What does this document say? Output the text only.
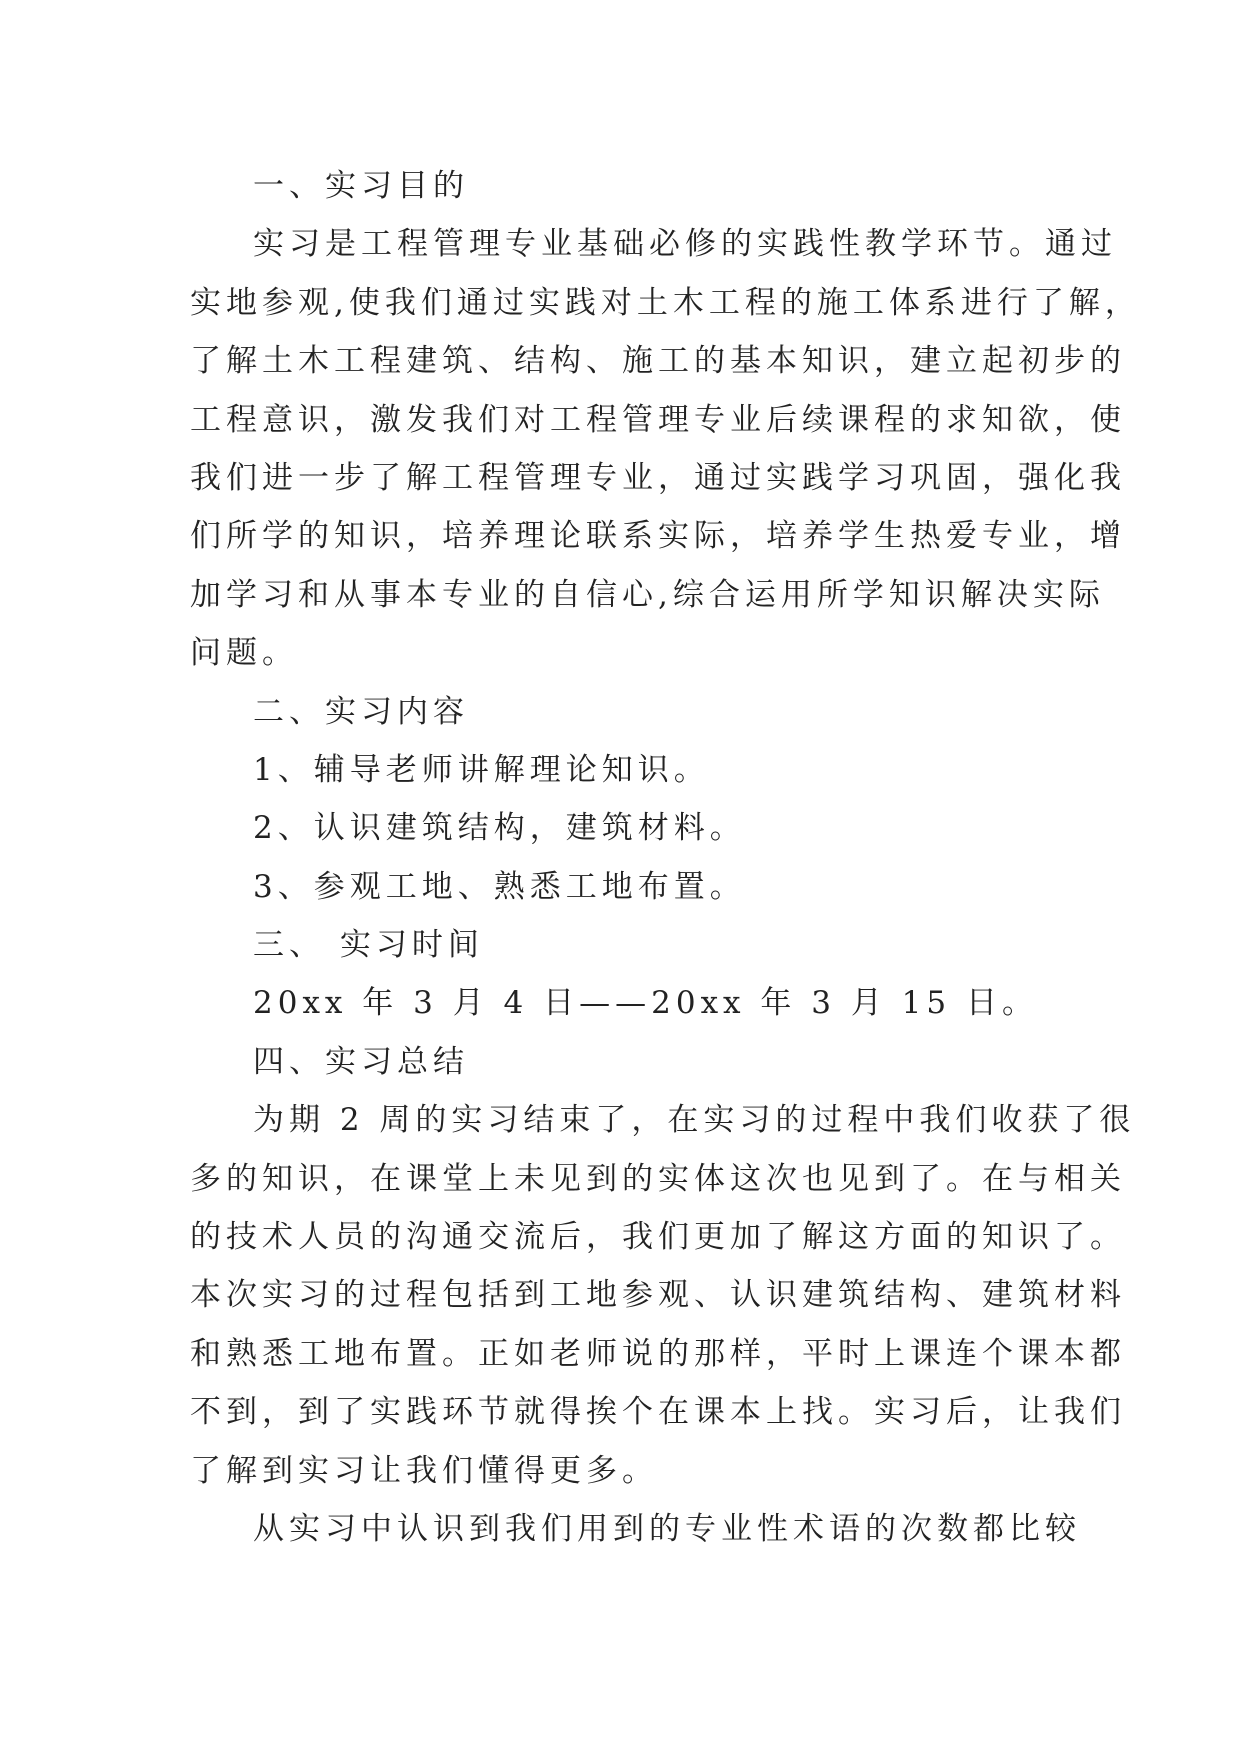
一、实习目的
实习是工程管理专业基础必修的实践性教学环节。通过
实地参观,使我们通过实践对土木工程的施工体系进行了解，
了解土木工程建筑、结构、施工的基本知识，建立起初步的
工程意识，激发我们对工程管理专业后续课程的求知欲，使
我们进一步了解工程管理专业，通过实践学习巩固，强化我
们所学的知识，培养理论联系实际，培养学生热爱专业，增
加学习和从事本专业的自信心,综合运用所学知识解决实际
问题。
二、实习内容
1、辅导老师讲解理论知识。
2、认识建筑结构，建筑材料。
3、参观工地、熟悉工地布置。
三、 实习时间
20xx 年 3 月 4 日——20xx 年 3 月 15 日。
四、实习总结
为期 2 周的实习结束了，在实习的过程中我们收获了很
多的知识，在课堂上未见到的实体这次也见到了。在与相关
的技术人员的沟通交流后，我们更加了解这方面的知识了。
本次实习的过程包括到工地参观、认识建筑结构、建筑材料
和熟悉工地布置。正如老师说的那样，平时上课连个课本都
不到，到了实践环节就得挨个在课本上找。实习后，让我们
了解到实习让我们懂得更多。
从实习中认识到我们用到的专业性术语的次数都比较
